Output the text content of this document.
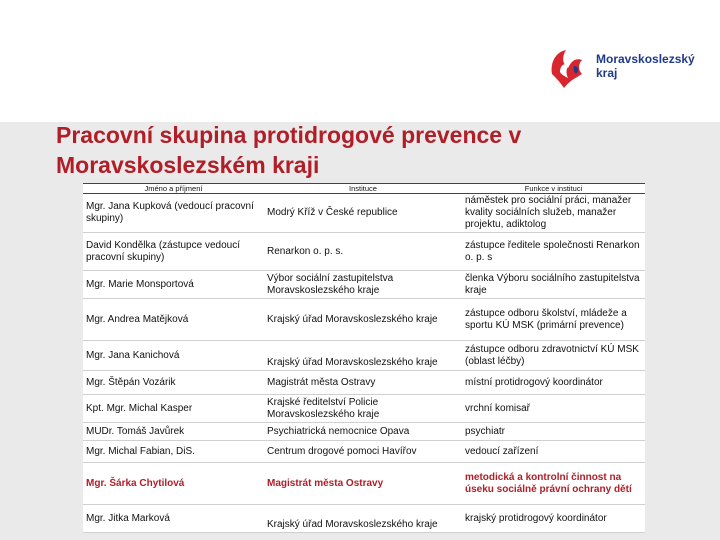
Moravskoslezský
kraj
Pracovní skupina protidrogové prevence v Moravskoslezském kraji
Jméno a příjmení	Instituce	Funkce v instituci
Mgr. Jana Kupková (vedoucí pracovní skupiny)	Modrý Kříž v České republice	náměstek pro sociální práci, manažer kvality sociálních služeb, manažer projektu, adiktolog
David Kondělka (zástupce vedoucí pracovní skupiny)	Renarkon o. p. s.	zástupce ředitele společnosti Renarkon o. p. s
Mgr. Marie Monsportová	Výbor sociální zastupitelstva Moravskoslezského kraje	členka Výboru sociálního zastupitelstva kraje
Mgr. Andrea Matějková	Krajský úřad Moravskoslezského kraje	zástupce odboru školství, mládeže a sportu KÚ MSK (primární prevence)
Mgr. Jana Kanichová	Krajský úřad Moravskoslezského kraje	zástupce odboru zdravotnictví KÚ MSK (oblast léčby)
Mgr. Štěpán Vozárik	Magistrát města Ostravy	místní protidrogový koordinátor
Kpt. Mgr. Michal Kasper	Krajské ředitelství Policie Moravskoslezského kraje	vrchní komisař
MUDr. Tomáš Javůrek	Psychiatrická nemocnice Opava	psychiatr
Mgr. Michal Fabian, DiS.	Centrum drogové pomoci Havířov	vedoucí zařízení
Mgr. Šárka Chytilová	Magistrát města Ostravy	metodická a kontrolní činnost na úseku sociálně právní ochrany dětí
Mgr. Jitka Marková	Krajský úřad Moravskoslezského kraje	krajský protidrogový koordinátor
